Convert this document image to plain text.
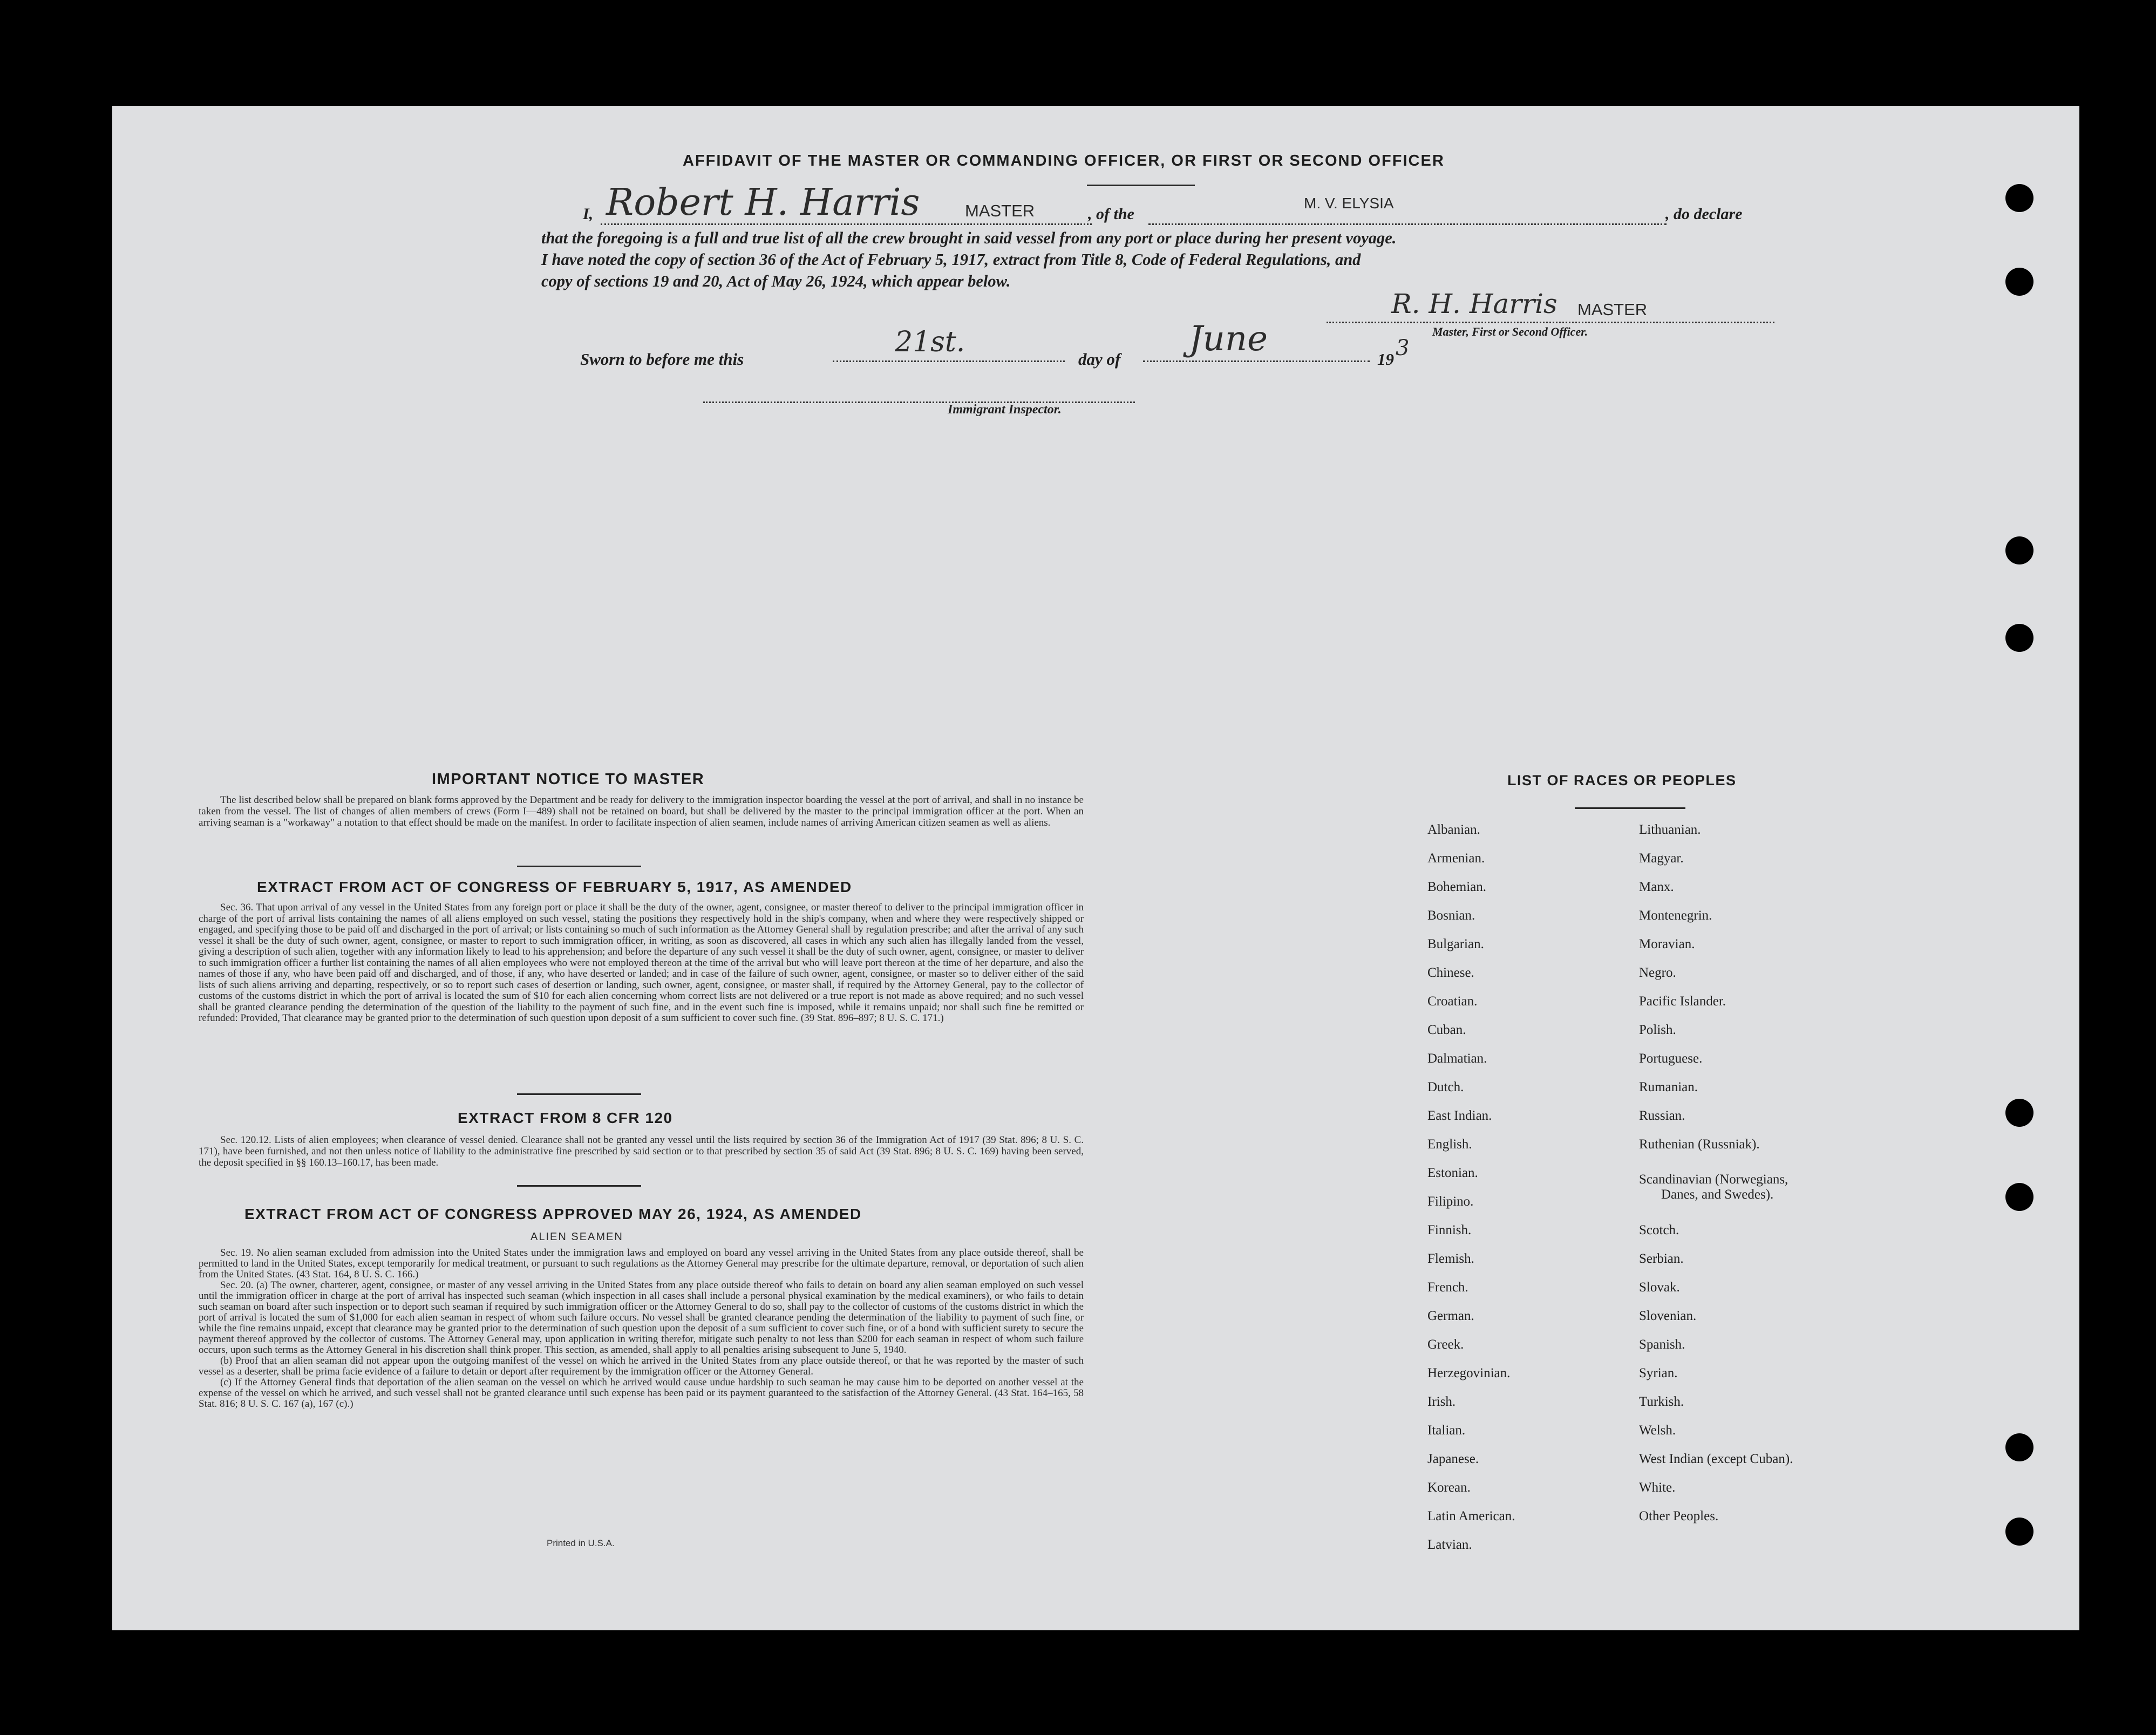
AFFIDAVIT OF THE MASTER OR COMMANDING OFFICER, OR FIRST OR SECOND OFFICER
I, Robert H. Harris	MASTER	, of the
M. V. ELYSIA
, do declare
that the foregoing is a full and true list of all the crew brought in said vessel from any port or place during her present voyage.
I have noted the copy of section 36 of the Act of February 5, 1917, extract from Title 8, Code of Federal Regulations, and
copy of sections 19 and 20, Act of May 26, 1924, which appear below.
R. H. Harris MASTER
Master, First or Second Officer.
Sworn to before me this
21st.
day of
June
19 3
Immigrant Inspector.
IMPORTANT NOTICE TO MASTER

The list described below shall be prepared on blank forms approved by the Department and be ready for delivery to the immigration inspector boarding the vessel at the port of arrival, and shall in no instance be taken from the vessel. The list of changes of alien members of crews (Form I—489) shall not be retained on board, but shall be delivered by the master to the principal immigration officer at the port. When an arriving seaman is a "workaway" a notation to that effect should be made on the manifest. In order to facilitate inspection of alien seamen, include names of arriving American citizen seamen as well as aliens.

EXTRACT FROM ACT OF CONGRESS OF FEBRUARY 5, 1917, AS AMENDED

Sec. 36. That upon arrival of any vessel in the United States from any foreign port or place it shall be the duty of the owner, agent, consignee, or master thereof to deliver to the principal immigration officer in charge of the port of arrival lists containing the names of all aliens employed on such vessel, stating the positions they respectively hold in the ship's company, when and where they were respectively shipped or engaged, and specifying those to be paid off and discharged in the port of arrival; or lists containing so much of such information as the Attorney General shall by regulation prescribe; and after the arrival of any such vessel it shall be the duty of such owner, agent, consignee, or master to report to such immigration officer, in writing, as soon as discovered, all cases in which any such alien has illegally landed from the vessel, giving a description of such alien, together with any information likely to lead to his apprehension; and before the departure of any such vessel it shall be the duty of such owner, agent, consignee, or master to deliver to such immigration officer a further list containing the names of all alien employees who were not employed thereon at the time of the arrival but who will leave port thereon at the time of her departure, and also the names of those if any, who have been paid off and discharged, and of those, if any, who have deserted or landed; and in case of the failure of such owner, agent, consignee, or master so to deliver either of the said lists of such aliens arriving and departing, respectively, or so to report such cases of desertion or landing, such owner, agent, consignee, or master shall, if required by the Attorney General, pay to the collector of customs of the customs district in which the port of arrival is located the sum of $10 for each alien concerning whom correct lists are not delivered or a true report is not made as above required; and no such vessel shall be granted clearance pending the determination of the question of the liability to the payment of such fine, and in the event such fine is imposed, while it remains unpaid; nor shall such fine be remitted or refunded: Provided, That clearance may be granted prior to the determination of such question upon deposit of a sum sufficient to cover such fine. (39 Stat. 896–897; 8 U. S. C. 171.)

EXTRACT FROM 8 CFR 120

Sec. 120.12. Lists of alien employees; when clearance of vessel denied. Clearance shall not be granted any vessel until the lists required by section 36 of the Immigration Act of 1917 (39 Stat. 896; 8 U. S. C. 171), have been furnished, and not then unless notice of liability to the administrative fine prescribed by said section or to that prescribed by section 35 of said Act (39 Stat. 896; 8 U. S. C. 169) having been served, the deposit specified in §§ 160.13–160.17, has been made.

EXTRACT FROM ACT OF CONGRESS APPROVED MAY 26, 1924, AS AMENDED
ALIEN SEAMEN

Sec. 19. No alien seaman excluded from admission into the United States under the immigration laws and employed on board any vessel arriving in the United States from any place outside thereof, shall be permitted to land in the United States, except temporarily for medical treatment, or pursuant to such regulations as the Attorney General may prescribe for the ultimate departure, removal, or deportation of such alien from the United States. (43 Stat. 164, 8 U. S. C. 166.)

Sec. 20. (a) The owner, charterer, agent, consignee, or master of any vessel arriving in the United States from any place outside thereof who fails to detain on board any alien seaman employed on such vessel until the immigration officer in charge at the port of arrival has inspected such seaman (which inspection in all cases shall include a personal physical examination by the medical examiners), or who fails to detain such seaman on board after such inspection or to deport such seaman if required by such immigration officer or the Attorney General to do so, shall pay to the collector of customs of the customs district in which the port of arrival is located the sum of $1,000 for each alien seaman in respect of whom such failure occurs. No vessel shall be granted clearance pending the determination of the liability to payment of such fine, or while the fine remains unpaid, except that clearance may be granted prior to the determination of such question upon the deposit of a sum sufficient to cover such fine, or of a bond with sufficient surety to secure the payment thereof approved by the collector of customs. The Attorney General may, upon application in writing therefor, mitigate such penalty to not less than $200 for each seaman in respect of whom such failure occurs, upon such terms as the Attorney General in his discretion shall think proper. This section, as amended, shall apply to all penalties arising subsequent to June 5, 1940.

(b) Proof that an alien seaman did not appear upon the outgoing manifest of the vessel on which he arrived in the United States from any place outside thereof, or that he was reported by the master of such vessel as a deserter, shall be prima facie evidence of a failure to detain or deport after requirement by the immigration officer or the Attorney General.

(c) If the Attorney General finds that deportation of the alien seaman on the vessel on which he arrived would cause undue hardship to such seaman he may cause him to be deported on another vessel at the expense of the vessel on which he arrived, and such vessel shall not be granted clearance until such expense has been paid or its payment guaranteed to the satisfaction of the Attorney General. (43 Stat. 164–165, 58 Stat. 816; 8 U. S. C. 167 (a), 167 (c).)

Printed in U.S.A.
LIST OF RACES OR PEOPLES
Albanian.
Armenian.
Bohemian.
Bosnian.
Bulgarian.
Chinese.
Croatian.
Cuban.
Dalmatian.
Dutch.
East Indian.
English.
Estonian.
Filipino.
Finnish.
Flemish.
French.
German.
Greek.
Herzegovinian.
Irish.
Italian.
Japanese.
Korean.
Latin American.
Latvian.
Lithuanian.
Magyar.
Manx.
Montenegrin.
Moravian.
Negro.
Pacific Islander.
Polish.
Portuguese.
Rumanian.
Russian.
Ruthenian (Russniak).
Scandinavian (Norwegians,
Danes, and Swedes).
Scotch.
Serbian.
Slovak.
Slovenian.
Spanish.
Syrian.
Turkish.
Welsh.
West Indian (except Cuban).
White.
Other Peoples.
